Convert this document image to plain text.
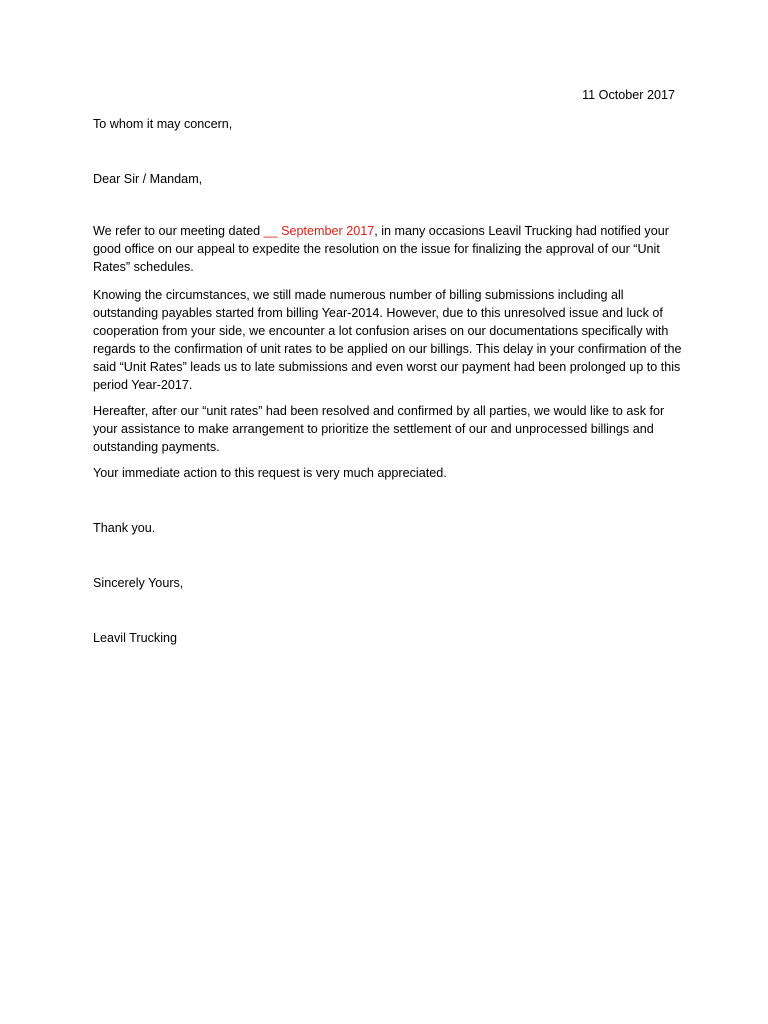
11 October 2017
To whom it may concern,
Dear Sir / Mandam,
We refer to our meeting dated __ September 2017, in many occasions Leavil Trucking had notified your good office on our appeal to expedite the resolution on the issue for finalizing the approval of our “Unit Rates” schedules.
Knowing the circumstances, we still made numerous number of billing submissions including all outstanding payables started from billing Year-2014. However, due to this unresolved issue and luck of cooperation from your side, we encounter a lot confusion arises on our documentations specifically with regards to the confirmation of unit rates to be applied on our billings. This delay in your confirmation of the said “Unit Rates” leads us to late submissions and even worst our payment had been prolonged up to this period Year-2017.
Hereafter, after our “unit rates” had been resolved and confirmed by all parties, we would like to ask for your assistance to make arrangement to prioritize the settlement of our and unprocessed billings and outstanding payments.
Your immediate action to this request is very much appreciated.
Thank you.
Sincerely Yours,
Leavil Trucking
